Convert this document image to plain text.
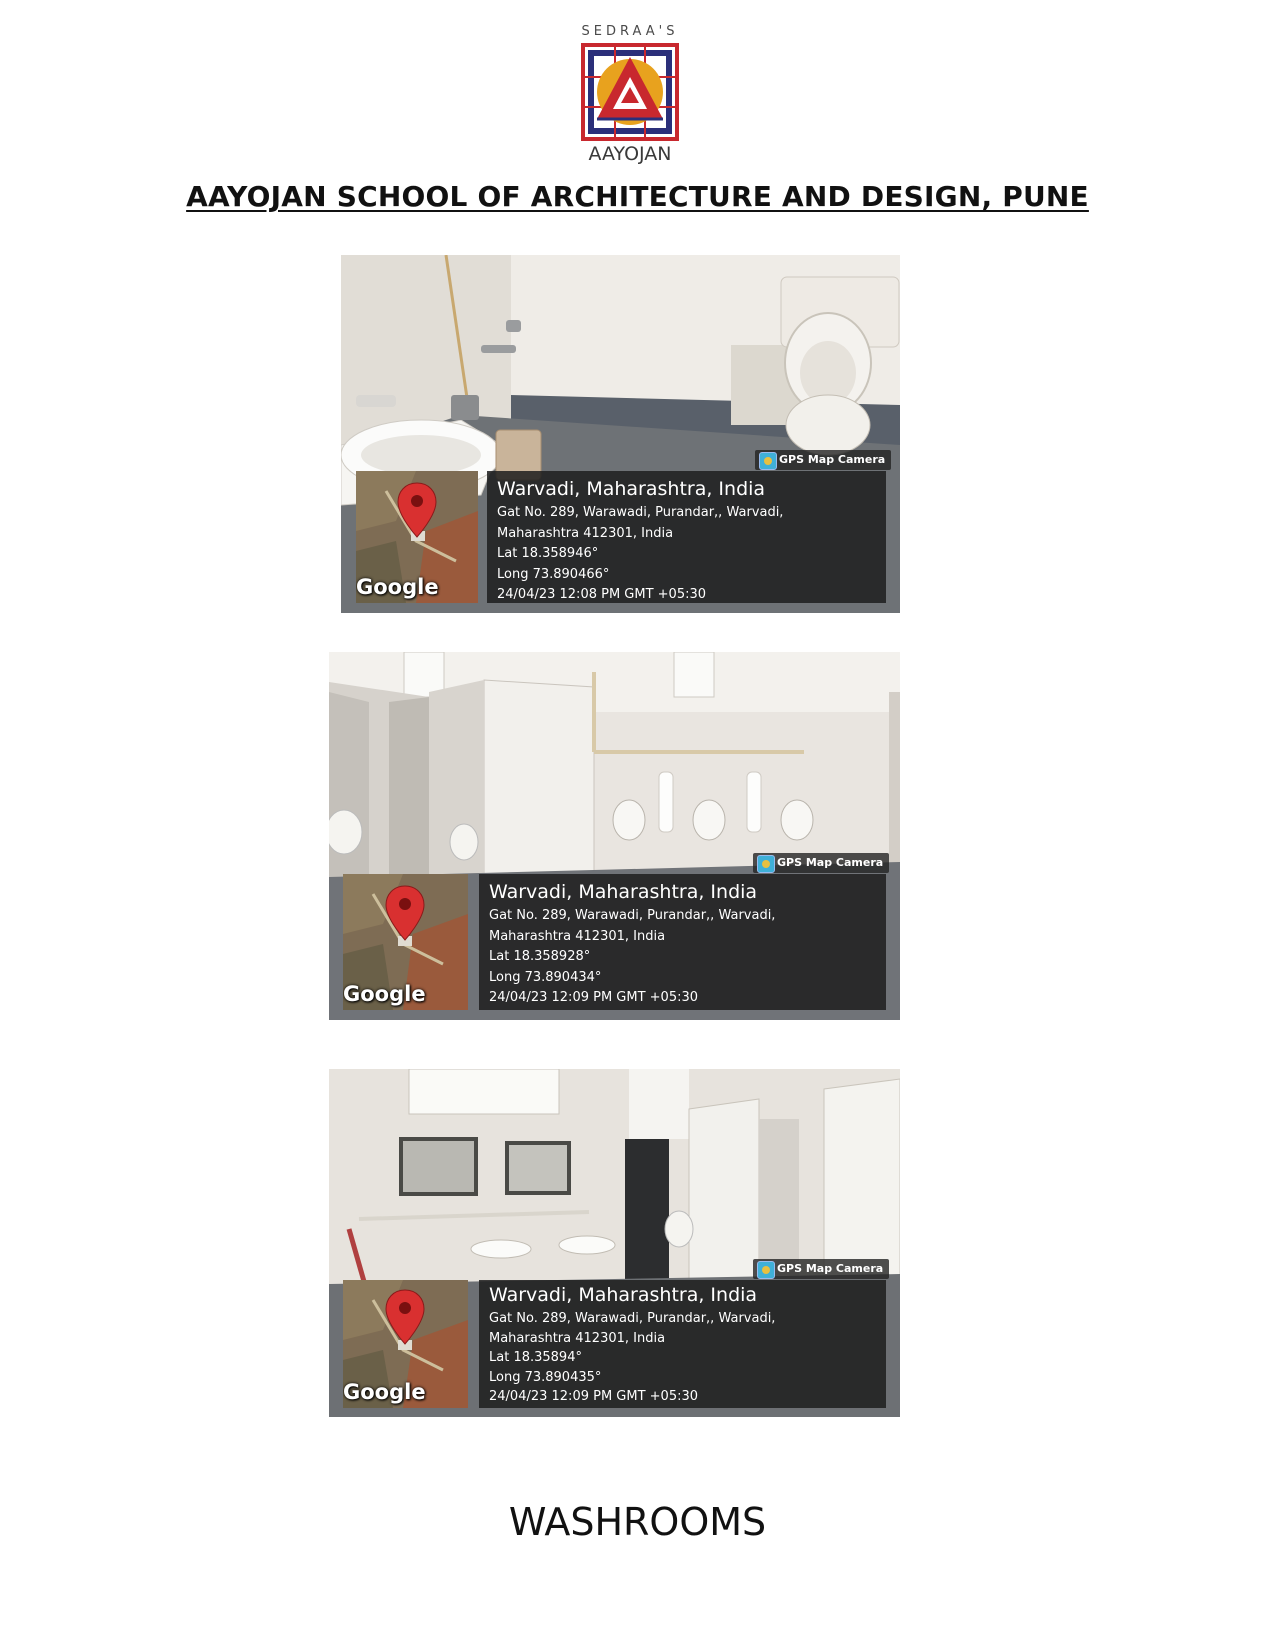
SEDRAA'S
AAYOJAN
AAYOJAN SCHOOL OF ARCHITECTURE AND DESIGN, PUNE
GPS Map Camera
Google
Warvadi, Maharashtra, India
Gat No. 289, Warawadi, Purandar,, Warvadi,
Maharashtra 412301, India
Lat 18.358946°
Long 73.890466°
24/04/23 12:08 PM GMT +05:30
GPS Map Camera
Google
Warvadi, Maharashtra, India
Gat No. 289, Warawadi, Purandar,, Warvadi,
Maharashtra 412301, India
Lat 18.358928°
Long 73.890434°
24/04/23 12:09 PM GMT +05:30
GPS Map Camera
Google
Warvadi, Maharashtra, India
Gat No. 289, Warawadi, Purandar,, Warvadi,
Maharashtra 412301, India
Lat 18.35894°
Long 73.890435°
24/04/23 12:09 PM GMT +05:30
WASHROOMS
